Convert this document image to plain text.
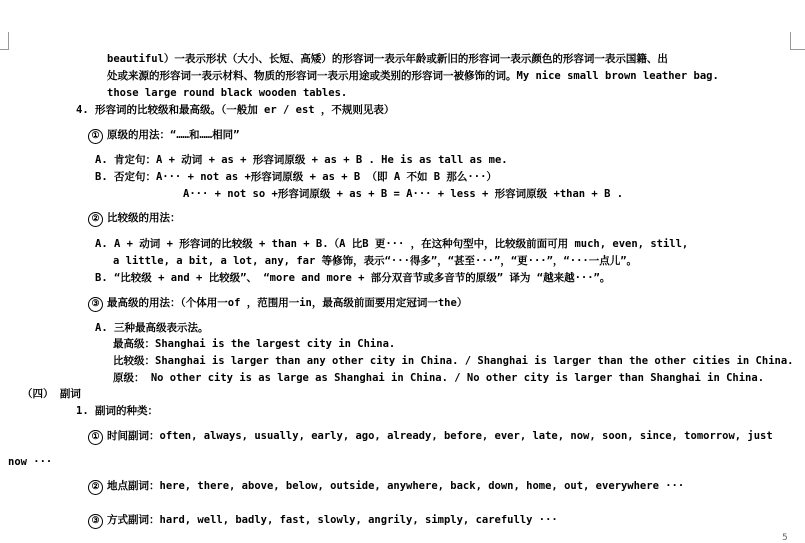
beautiful）一表示形状（大小、长短、高矮）的形容词一表示年龄或新旧的形容词一表示颜色的形容词一表示国籍、出
处或来源的形容词一表示材料、物质的形容词一表示用途或类别的形容词一被修饰的词。My nice small brown leather bag.
those large round black wooden tables.
4. 形容词的比较级和最高级。（一般加 er / est ，不规则见表）
① 原级的用法：“……和……相同”
A. 肯定句：A + 动词 + as + 形容词原级 + as + B . He is as tall as me.
B. 否定句：A··· + not as +形容词原级 + as + B （即 A 不如 B 那么···）
A··· + not so +形容词原级 + as + B = A··· + less + 形容词原级 +than + B .
② 比较级的用法：
A. A + 动词 + 形容词的比较级 + than + B.（A 比B 更··· ，在这种句型中，比较级前面可用 much, even, still,
a little, a bit, a lot, any, far 等修饰，表示“···得多”，“甚至···”，“更···”，“···一点儿”。
B. “比较级 + and + 比较级”、 “more and more + 部分双音节或多音节的原级” 译为 “越来越···”。
③ 最高级的用法：（个体用一of ，范围用一in，最高级前面要用定冠词一the）
A. 三种最高级表示法。
最高级：Shanghai is the largest city in China.
比较级：Shanghai is larger than any other city in China. / Shanghai is larger than the other cities in China.
原级： No other city is as large as Shanghai in China. / No other city is larger than Shanghai in China.
（四） 副词
1. 副词的种类：
① 时间副词：often, always, usually, early, ago, already, before, ever, late, now, soon, since, tomorrow, just
now ···
② 地点副词：here, there, above, below, outside, anywhere, back, down, home, out, everywhere ···
③ 方式副词：hard, well, badly, fast, slowly, angrily, simply, carefully ···
5
